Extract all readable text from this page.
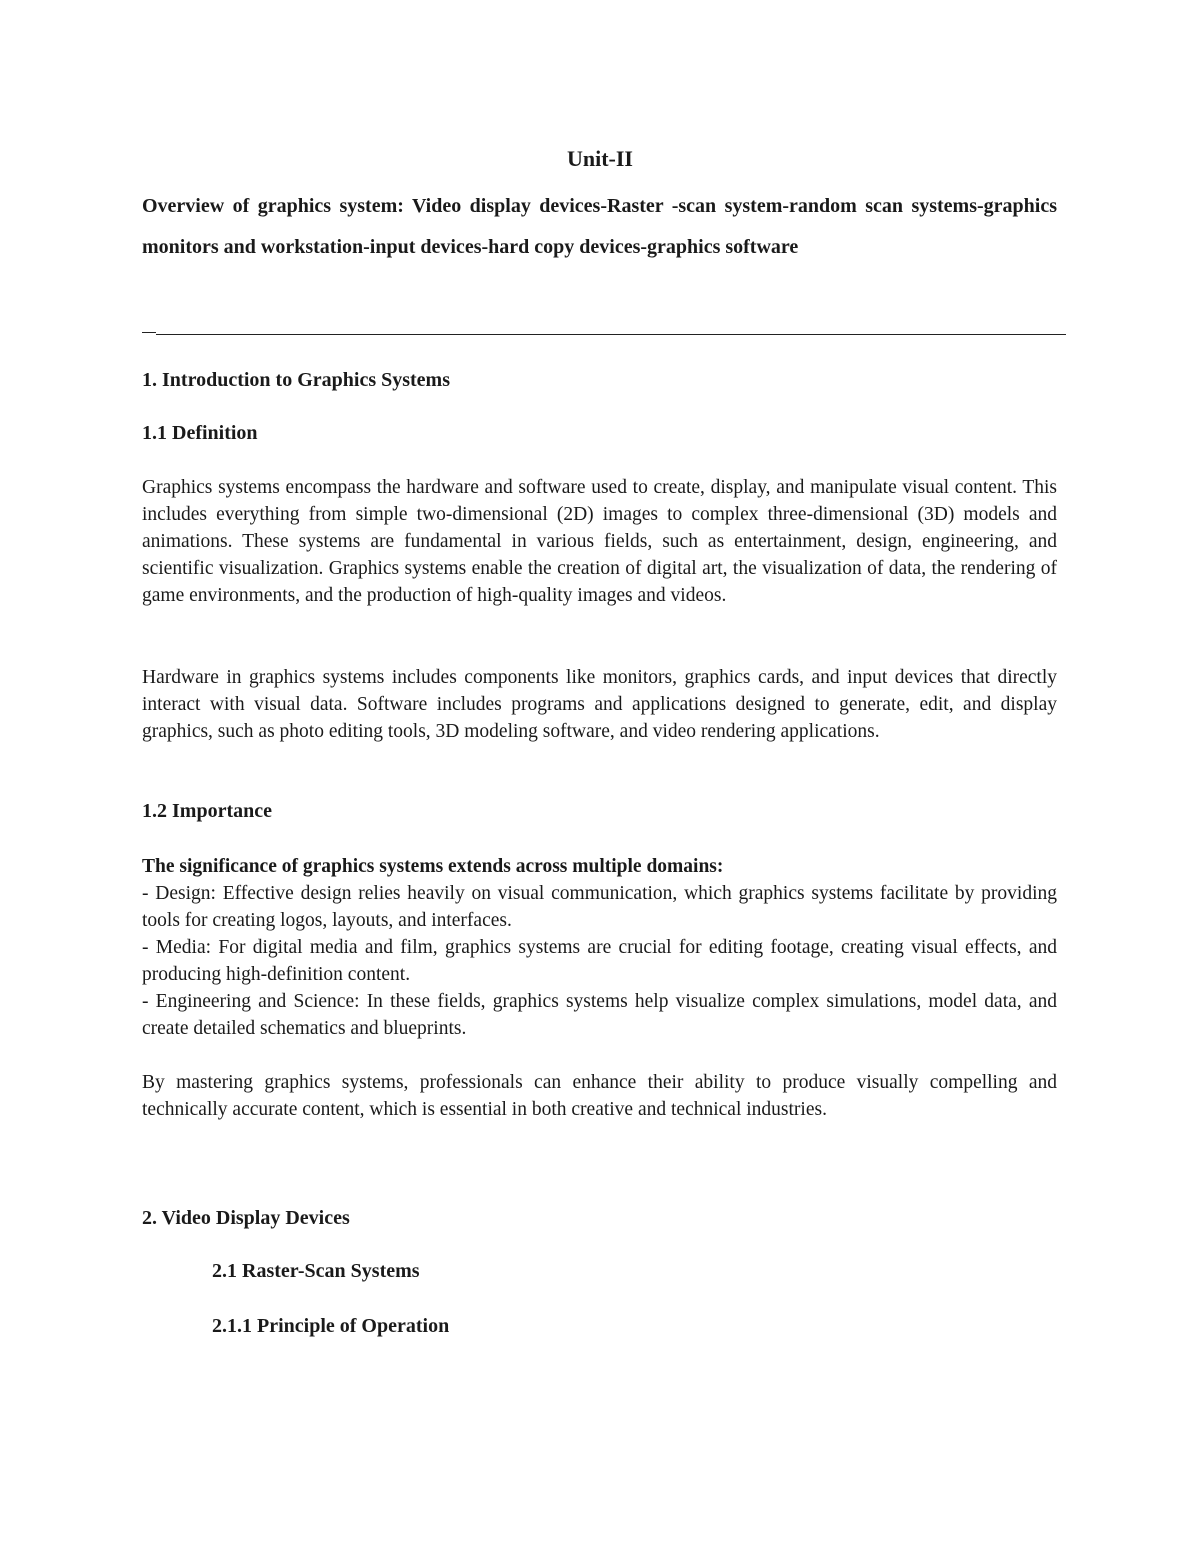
Unit-II
Overview of graphics system: Video display devices-Raster -scan system-random scan systems-graphics monitors and workstation-input devices-hard copy devices-graphics software
1. Introduction to Graphics Systems
1.1 Definition
Graphics systems encompass the hardware and software used to create, display, and manipulate visual content. This includes everything from simple two-dimensional (2D) images to complex three-dimensional (3D) models and animations. These systems are fundamental in various fields, such as entertainment, design, engineering, and scientific visualization. Graphics systems enable the creation of digital art, the visualization of data, the rendering of game environments, and the production of high-quality images and videos.
Hardware in graphics systems includes components like monitors, graphics cards, and input devices that directly interact with visual data. Software includes programs and applications designed to generate, edit, and display graphics, such as photo editing tools, 3D modeling software, and video rendering applications.
1.2 Importance
The significance of graphics systems extends across multiple domains:
- Design: Effective design relies heavily on visual communication, which graphics systems facilitate by providing tools for creating logos, layouts, and interfaces.
- Media: For digital media and film, graphics systems are crucial for editing footage, creating visual effects, and producing high-definition content.
- Engineering and Science: In these fields, graphics systems help visualize complex simulations, model data, and create detailed schematics and blueprints.
By mastering graphics systems, professionals can enhance their ability to produce visually compelling and technically accurate content, which is essential in both creative and technical industries.
2. Video Display Devices
2.1 Raster-Scan Systems
2.1.1 Principle of Operation
